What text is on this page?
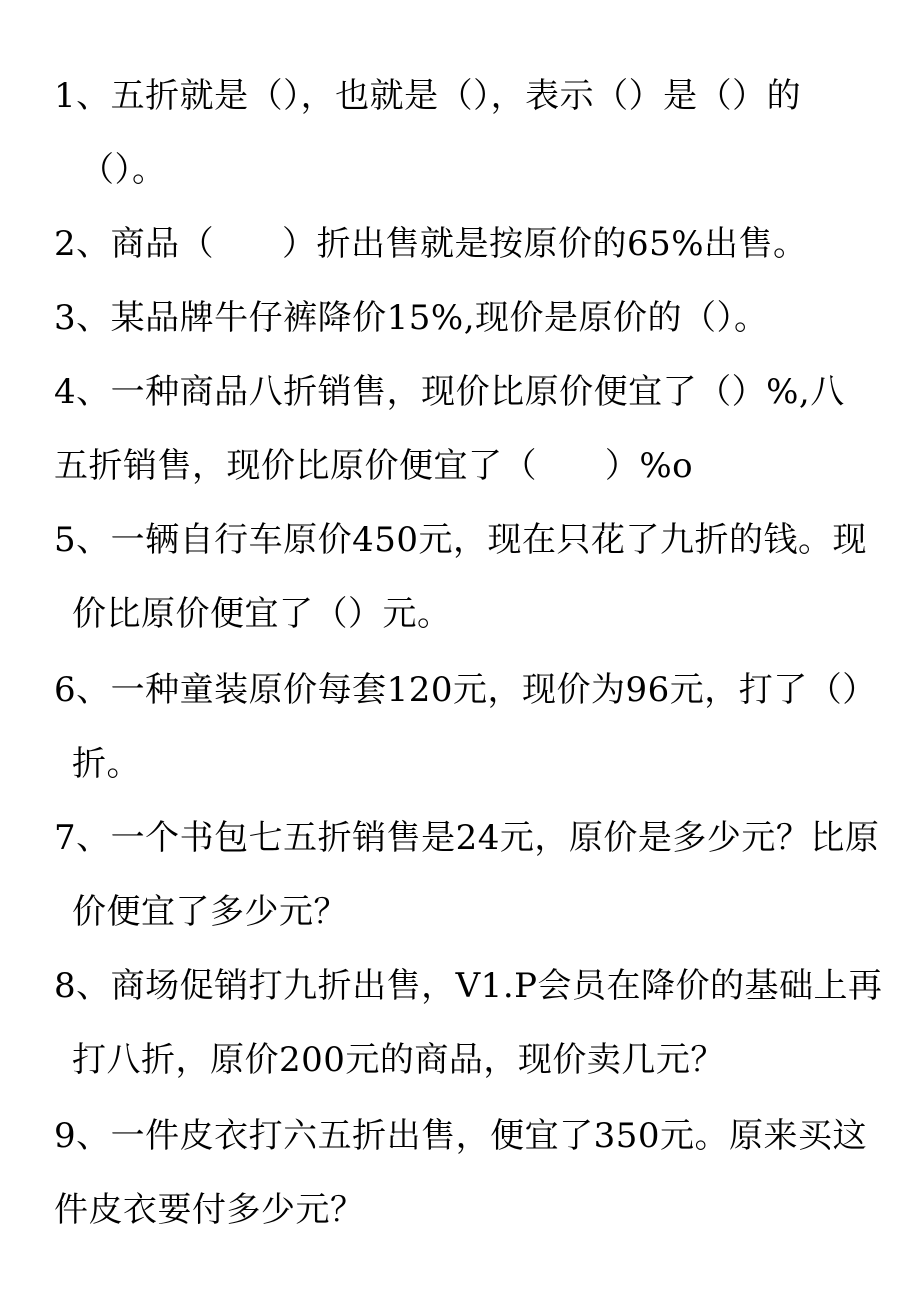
1、五折就是（），也就是（），表示（）是（）的
（）。
2、商品（      ）折出售就是按原价的65%出售。
3、某品牌牛仔裤降价15%,现价是原价的（）。
4、一种商品八折销售，现价比原价便宜了（）%,八
五折销售，现价比原价便宜了（      ）%o
5、一辆自行车原价450元，现在只花了九折的钱。现
价比原价便宜了（）元。
6、一种童装原价每套120元，现价为96元，打了（）
折。
7、一个书包七五折销售是24元，原价是多少元？比原
价便宜了多少元？
8、商场促销打九折出售，V1.P会员在降价的基础上再
打八折，原价200元的商品，现价卖几元？
9、一件皮衣打六五折出售，便宜了350元。原来买这
件皮衣要付多少元？
